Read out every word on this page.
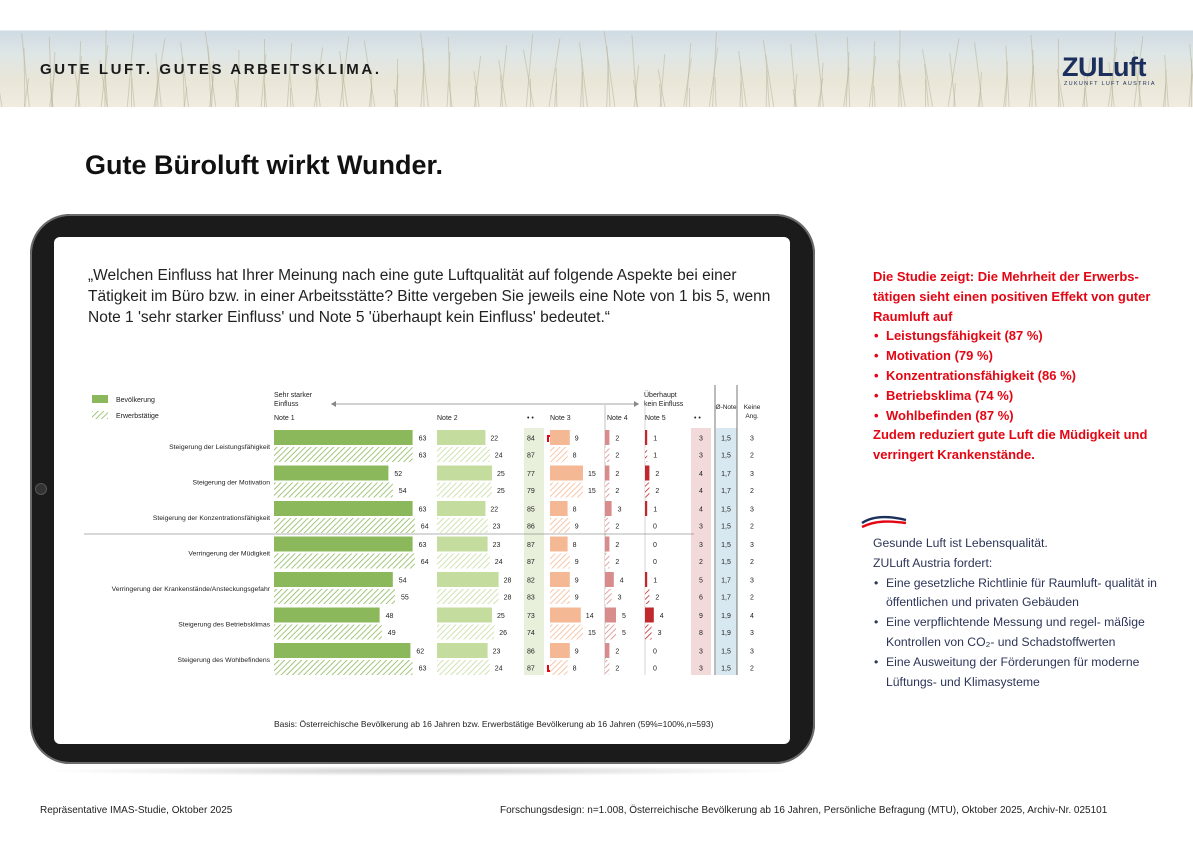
GUTE LUFT. GUTES ARBEITSKLIMA.	ZULuft
ZUKUNFT LUFT AUSTRIA
Gute Büroluft wirkt Wunder.
„Welchen Einfluss hat Ihrer Meinung nach eine gute Luftqualität auf folgende Aspekte bei einer Tätigkeit im Büro bzw. in einer Arbeitsstätte? Bitte vergeben Sie jeweils eine Note von 1 bis 5, wenn Note 1 'sehr starker Einfluss' und Note 5 'überhaupt kein Einfluss' bedeutet.“
Bevölkerung
Erwerbstätige
Sehr starker Einfluss
Überhaupt kein Einfluss
Note 1	Note 2	• • Note 3	Note 4 Note 5	• •
Ø-Note Keine Ang.
Steigerung der Leistungsfähigkeit
63	22	84	9	2	1	3	1,5	3
63	24	87	8	2	1	3	1,5	2
Steigerung der Motivation
52	25	77	15	2	2	4	1,7	3
54	25	79	15	2	2	4	1,7	2
Steigerung der Konzentrationsfähigkeit
63	22	85	8	3	1	4	1,5	3
64	23	86	9	2	0	3	1,5	2
Verringerung der Müdigkeit
63	23	87	8	2	0	3	1,5	3
64	24	87	9	2	0	2	1,5	2
Verringerung der Krankenstände/Ansteckungsgefahr
54	28 82	9	4	1	5	1,7	3
55	28 83	9	3	2	6	1,7	2
Steigerung des Betriebsklimas
48	25	73	14	5	4	9	1,9	4
49	26	74	15	5	3	8	1,9	3
Steigerung des Wohlbefindens
62	23	86	9	2	0	3	1,5	3
63	24	87	8	2	0	3	1,5	2
Basis: Österreichische Bevölkerung ab 16 Jahren bzw. Erwerbstätige Bevölkerung ab 16 Jahren (59%=100%,n=593)
Die Studie zeigt: Die Mehrheit der Erwerbs- tätigen sieht einen positiven Effekt von guter Raumluft auf
• Leistungsfähigkeit (87 %)
• Motivation (79 %)
• Konzentrationsfähigkeit (86 %)
• Betriebsklima (74 %)
• Wohlbefinden (87 %)
Zudem reduziert gute Luft die Müdigkeit und verringert Krankenstände.
Gesunde Luft ist Lebensqualität.
ZULuft Austria fordert:
• Eine gesetzliche Richtlinie für Raumluft- qualität in öffentlichen und privaten Gebäuden
• Eine verpflichtende Messung und regel- mäßige Kontrollen von CO₂- und Schadstoffwerten
• Eine Ausweitung der Förderungen für moderne Lüftungs- und Klimasysteme
Repräsentative IMAS-Studie, Oktober 2025	Forschungsdesign: n=1.008, Österreichische Bevölkerung ab 16 Jahren, Persönliche Befragung (MTU), Oktober 2025, Archiv-Nr. 025101
